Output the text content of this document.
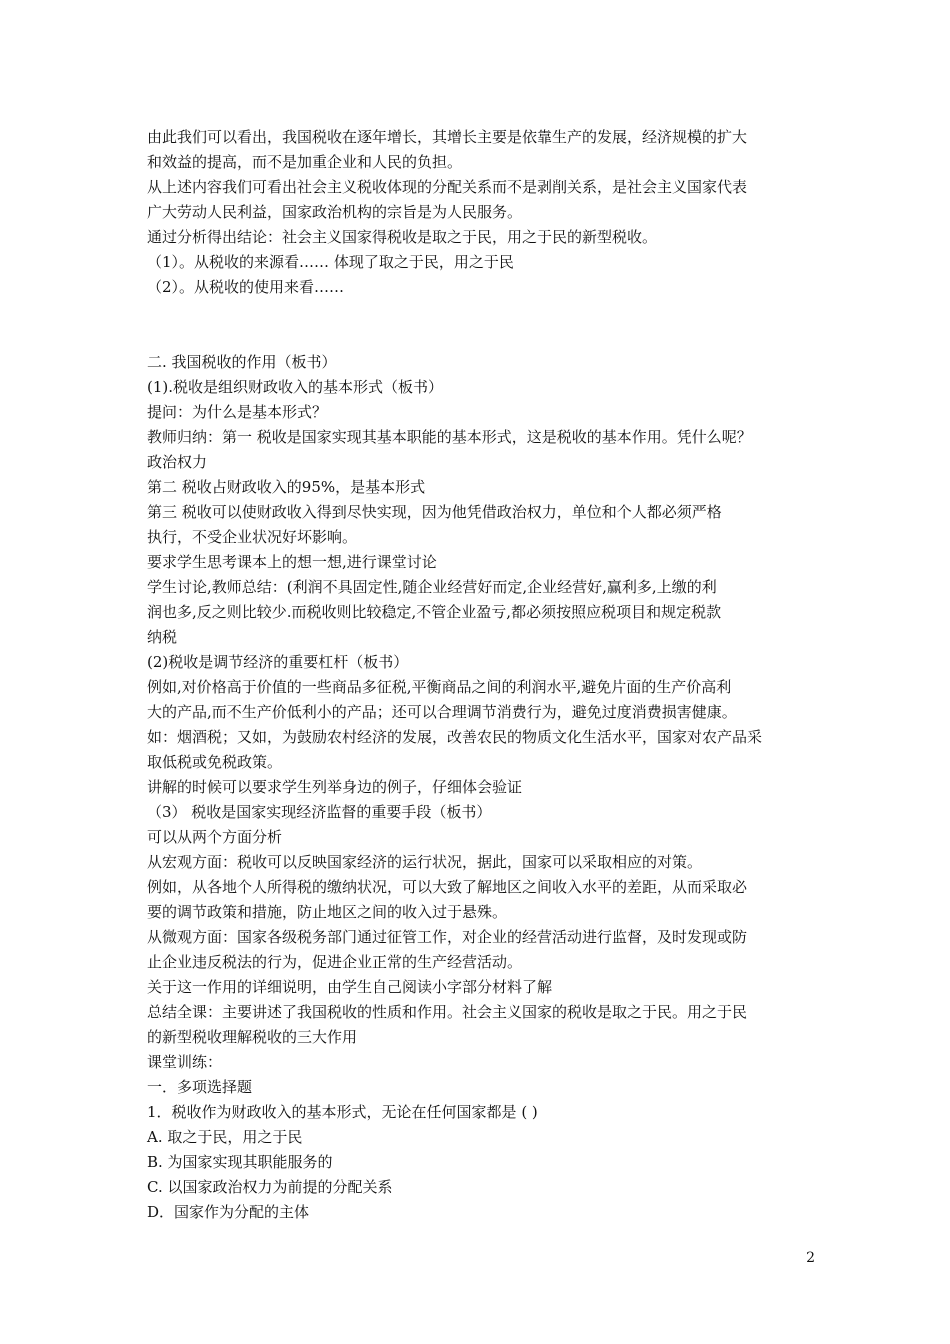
由此我们可以看出，我国税收在逐年增长，其增长主要是依靠生产的发展，经济规模的扩大
和效益的提高，而不是加重企业和人民的负担。
从上述内容我们可看出社会主义税收体现的分配关系而不是剥削关系，是社会主义国家代表
广大劳动人民利益，国家政治机构的宗旨是为人民服务。
通过分析得出结论：社会主义国家得税收是取之于民，用之于民的新型税收。
（1）。从税收的来源看…… 体现了取之于民，用之于民
（2）。从税收的使用来看……
二. 我国税收的作用（板书）
(1).税收是组织财政收入的基本形式（板书）
提问：为什么是基本形式？
教师归纳：第一 税收是国家实现其基本职能的基本形式，这是税收的基本作用。凭什么呢？
政治权力
第二 税收占财政收入的95%，是基本形式
第三 税收可以使财政收入得到尽快实现，因为他凭借政治权力，单位和个人都必须严格
执行，不受企业状况好坏影响。
要求学生思考课本上的想一想,进行课堂讨论
学生讨论,教师总结：(利润不具固定性,随企业经营好而定,企业经营好,赢利多,上缴的利
润也多,反之则比较少.而税收则比较稳定,不管企业盈亏,都必须按照应税项目和规定税款
纳税
(2)税收是调节经济的重要杠杆（板书）
例如,对价格高于价值的一些商品多征税,平衡商品之间的利润水平,避免片面的生产价高利
大的产品,而不生产价低利小的产品；还可以合理调节消费行为，避免过度消费损害健康。
如：烟酒税；又如，为鼓励农村经济的发展，改善农民的物质文化生活水平，国家对农产品采
取低税或免税政策。
讲解的时候可以要求学生列举身边的例子，仔细体会验证
（3） 税收是国家实现经济监督的重要手段（板书）
可以从两个方面分析
从宏观方面：税收可以反映国家经济的运行状况，据此，国家可以采取相应的对策。
例如，从各地个人所得税的缴纳状况，可以大致了解地区之间收入水平的差距，从而采取必
要的调节政策和措施，防止地区之间的收入过于悬殊。
从微观方面：国家各级税务部门通过征管工作，对企业的经营活动进行监督，及时发现或防
止企业违反税法的行为，促进企业正常的生产经营活动。
关于这一作用的详细说明，由学生自己阅读小字部分材料了解
总结全课：主要讲述了我国税收的性质和作用。社会主义国家的税收是取之于民。用之于民
的新型税收理解税收的三大作用
课堂训练：
一．多项选择题
1．税收作为财政收入的基本形式，无论在任何国家都是 ( )
A. 取之于民，用之于民
B. 为国家实现其职能服务的
C. 以国家政治权力为前提的分配关系
D．国家作为分配的主体
2
